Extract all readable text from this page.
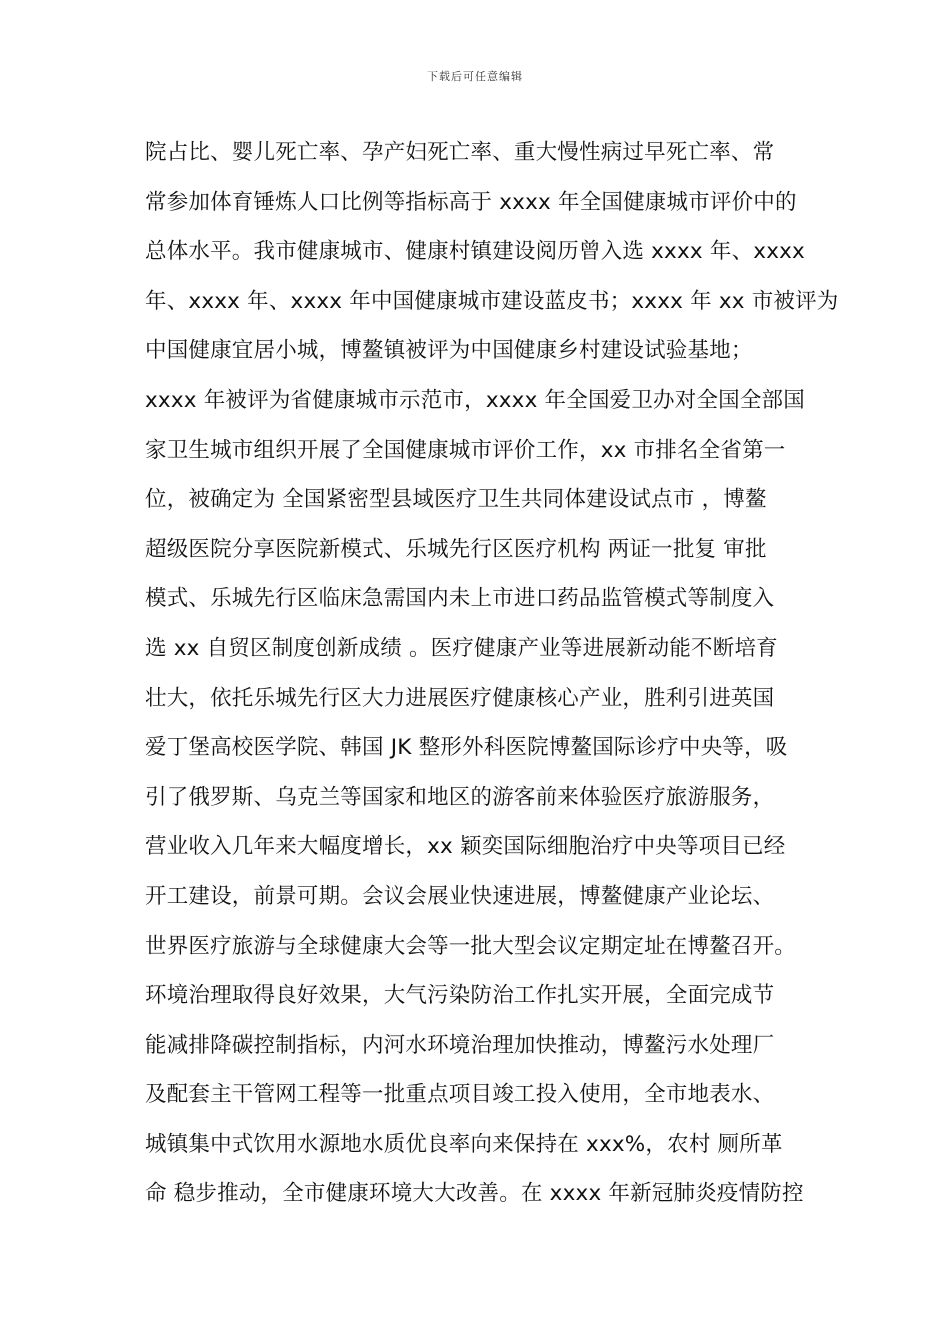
下载后可任意编辑
院占比、婴儿死亡率、孕产妇死亡率、重大慢性病过早死亡率、常
常参加体育锤炼人口比例等指标高于 xxxx 年全国健康城市评价中的
总体水平。我市健康城市、健康村镇建设阅历曾入选 xxxx 年、xxxx
年、xxxx 年、xxxx 年中国健康城市建设蓝皮书；xxxx 年 xx 市被评为
中国健康宜居小城，博鳌镇被评为中国健康乡村建设试验基地；
xxxx 年被评为省健康城市示范市，xxxx 年全国爱卫办对全国全部国
家卫生城市组织开展了全国健康城市评价工作，xx 市排名全省第一
位，被确定为 全国紧密型县域医疗卫生共同体建设试点市 ，博鳌
超级医院分享医院新模式、乐城先行区医疗机构 两证一批复 审批
模式、乐城先行区临床急需国内未上市进口药品监管模式等制度入
选 xx 自贸区制度创新成绩 。医疗健康产业等进展新动能不断培育
壮大，依托乐城先行区大力进展医疗健康核心产业，胜利引进英国
爱丁堡高校医学院、韩国 JK 整形外科医院博鳌国际诊疗中央等，吸
引了俄罗斯、乌克兰等国家和地区的游客前来体验医疗旅游服务，
营业收入几年来大幅度增长，xx 颖奕国际细胞治疗中央等项目已经
开工建设，前景可期。会议会展业快速进展，博鳌健康产业论坛、
世界医疗旅游与全球健康大会等一批大型会议定期定址在博鳌召开。
环境治理取得良好效果，大气污染防治工作扎实开展，全面完成节
能减排降碳控制指标，内河水环境治理加快推动，博鳌污水处理厂
及配套主干管网工程等一批重点项目竣工投入使用，全市地表水、
城镇集中式饮用水源地水质优良率向来保持在 xxx%，农村 厕所革
命 稳步推动，全市健康环境大大改善。在 xxxx 年新冠肺炎疫情防控
